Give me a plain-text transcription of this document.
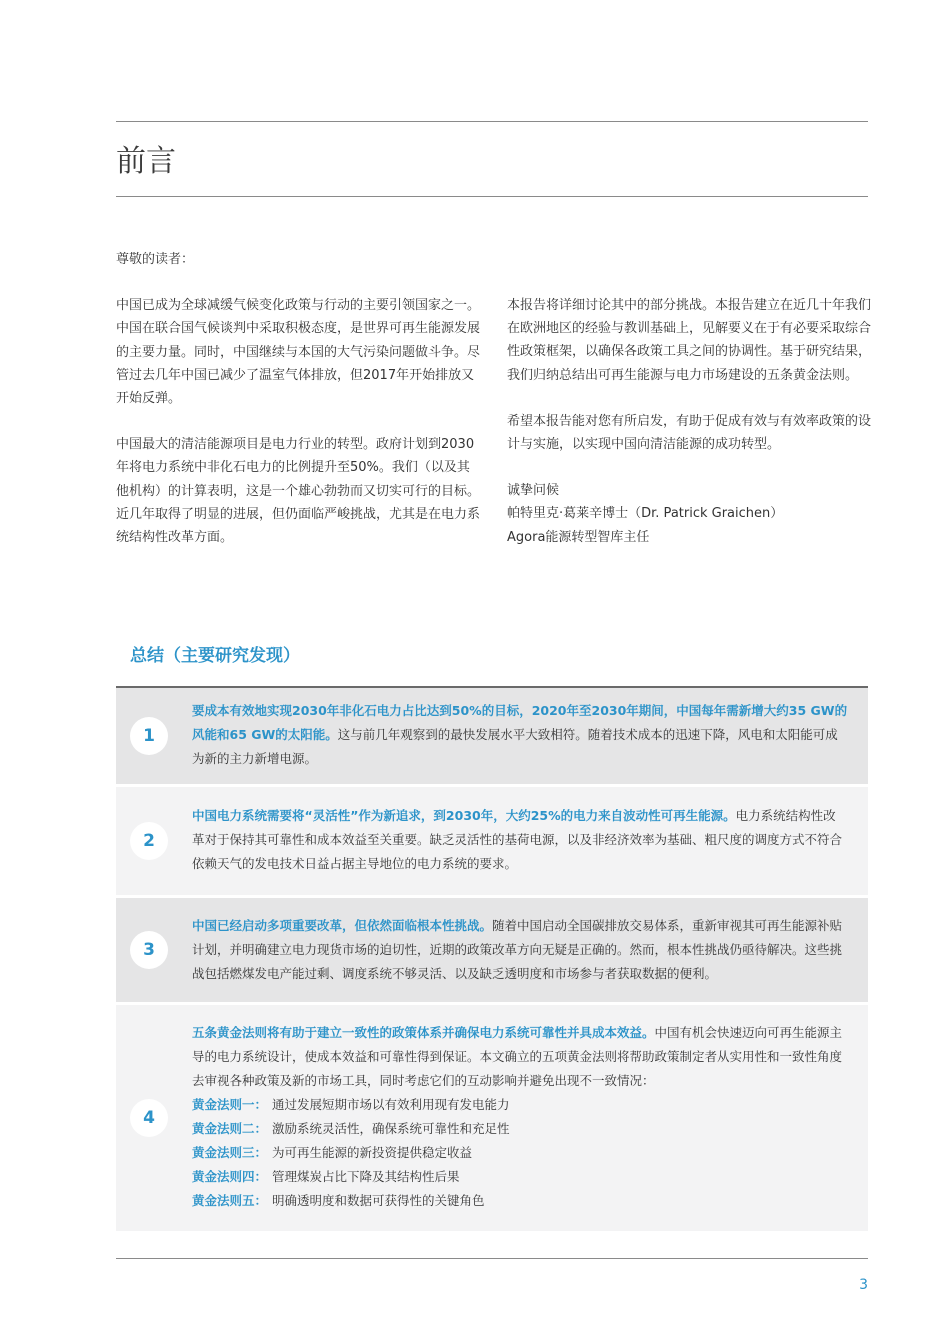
前言

尊敬的读者：

中国已成为全球减缓气候变化政策与行动的主要引领国家之一。中国在联合国气候谈判中采取积极态度，是世界可再生能源发展的主要力量。同时，中国继续与本国的大气污染问题做斗争。尽管过去几年中国已减少了温室气体排放，但2017年开始排放又开始反弹。

中国最大的清洁能源项目是电力行业的转型。政府计划到2030年将电力系统中非化石电力的比例提升至50%。我们（以及其他机构）的计算表明，这是一个雄心勃勃而又切实可行的目标。近几年取得了明显的进展，但仍面临严峻挑战，尤其是在电力系统结构性改革方面。

本报告将详细讨论其中的部分挑战。本报告建立在近几十年我们在欧洲地区的经验与教训基础上，见解要义在于有必要采取综合性政策框架，以确保各政策工具之间的协调性。基于研究结果，我们归纳总结出可再生能源与电力市场建设的五条黄金法则。

希望本报告能对您有所启发，有助于促成有效与有效率政策的设计与实施，以实现中国向清洁能源的成功转型。

诚挚问候

帕特里克·葛莱辛博士（Dr. Patrick Graichen）

Agora能源转型智库主任

总结（主要研究发现）
1

要成本有效地实现2030年非化石电力占比达到50%的目标，2020年至2030年期间，中国每年需新增大约35 GW的风能和65 GW的太阳能。这与前几年观察到的最快发展水平大致相符。随着技术成本的迅速下降，风电和太阳能可成为新的主力新增电源。

2

中国电力系统需要将“灵活性”作为新追求，到2030年，大约25%的电力来自波动性可再生能源。电力系统结构性改革对于保持其可靠性和成本效益至关重要。缺乏灵活性的基荷电源，以及非经济效率为基础、粗尺度的调度方式不符合依赖天气的发电技术日益占据主导地位的电力系统的要求。

3

中国已经启动多项重要改革，但依然面临根本性挑战。随着中国启动全国碳排放交易体系，重新审视其可再生能源补贴计划，并明确建立电力现货市场的迫切性，近期的政策改革方向无疑是正确的。然而，根本性挑战仍亟待解决。这些挑战包括燃煤发电产能过剩、调度系统不够灵活、以及缺乏透明度和市场参与者获取数据的便利。

4

五条黄金法则将有助于建立一致性的政策体系并确保电力系统可靠性并具成本效益。中国有机会快速迈向可再生能源主导的电力系统设计，使成本效益和可靠性得到保证。本文确立的五项黄金法则将帮助政策制定者从实用性和一致性角度去审视各种政策及新的市场工具，同时考虑它们的互动影响并避免出现不一致情况：

黄金法则一： 通过发展短期市场以有效利用现有发电能力
黄金法则二： 激励系统灵活性，确保系统可靠性和充足性
黄金法则三： 为可再生能源的新投资提供稳定收益
黄金法则四： 管理煤炭占比下降及其结构性后果
黄金法则五： 明确透明度和数据可获得性的关键角色
3
